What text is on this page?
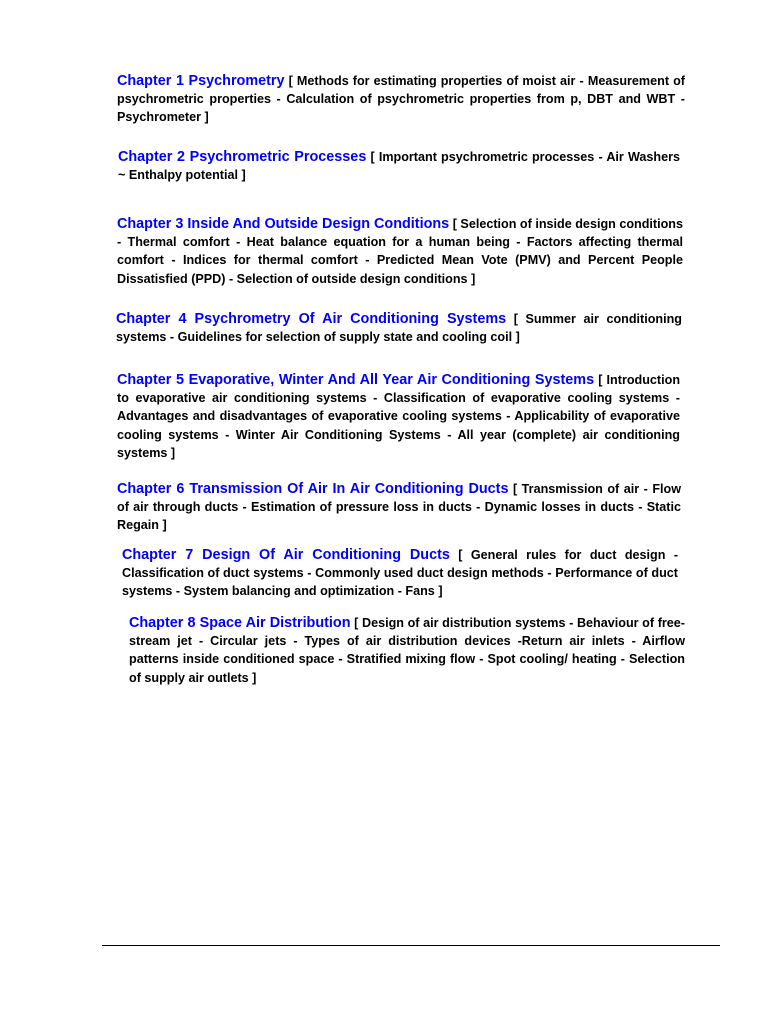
Chapter 1 Psychrometry [ Methods for estimating properties of moist air - Measurement of psychrometric properties - Calculation of psychrometric properties from p, DBT and WBT - Psychrometer ]

Chapter 2 Psychrometric Processes [ Important psychrometric processes - Air Washers ~ Enthalpy potential ]

Chapter 3 Inside And Outside Design Conditions [ Selection of inside design conditions - Thermal comfort - Heat balance equation for a human being - Factors affecting thermal comfort - Indices for thermal comfort - Predicted Mean Vote (PMV) and Percent People Dissatisfied (PPD) - Selection of outside design conditions ]

Chapter 4 Psychrometry Of Air Conditioning Systems [ Summer air conditioning systems - Guidelines for selection of supply state and cooling coil ]

Chapter 5 Evaporative, Winter And All Year Air Conditioning Systems [ Introduction to evaporative air conditioning systems - Classification of evaporative cooling systems - Advantages and disadvantages of evaporative cooling systems - Applicability of evaporative cooling systems - Winter Air Conditioning Systems - All year (complete) air conditioning systems ]

Chapter 6 Transmission Of Air In Air Conditioning Ducts [ Transmission of air - Flow of air through ducts - Estimation of pressure loss in ducts - Dynamic losses in ducts - Static Regain ]

Chapter 7 Design Of Air Conditioning Ducts [ General rules for duct design - Classification of duct systems - Commonly used duct design methods - Performance of duct systems - System balancing and optimization - Fans ]

Chapter 8 Space Air Distribution [ Design of air distribution systems - Behaviour of free-stream jet - Circular jets - Types of air distribution devices -Return air inlets - Airflow patterns inside conditioned space - Stratified mixing flow - Spot cooling/ heating - Selection of supply air outlets ]
